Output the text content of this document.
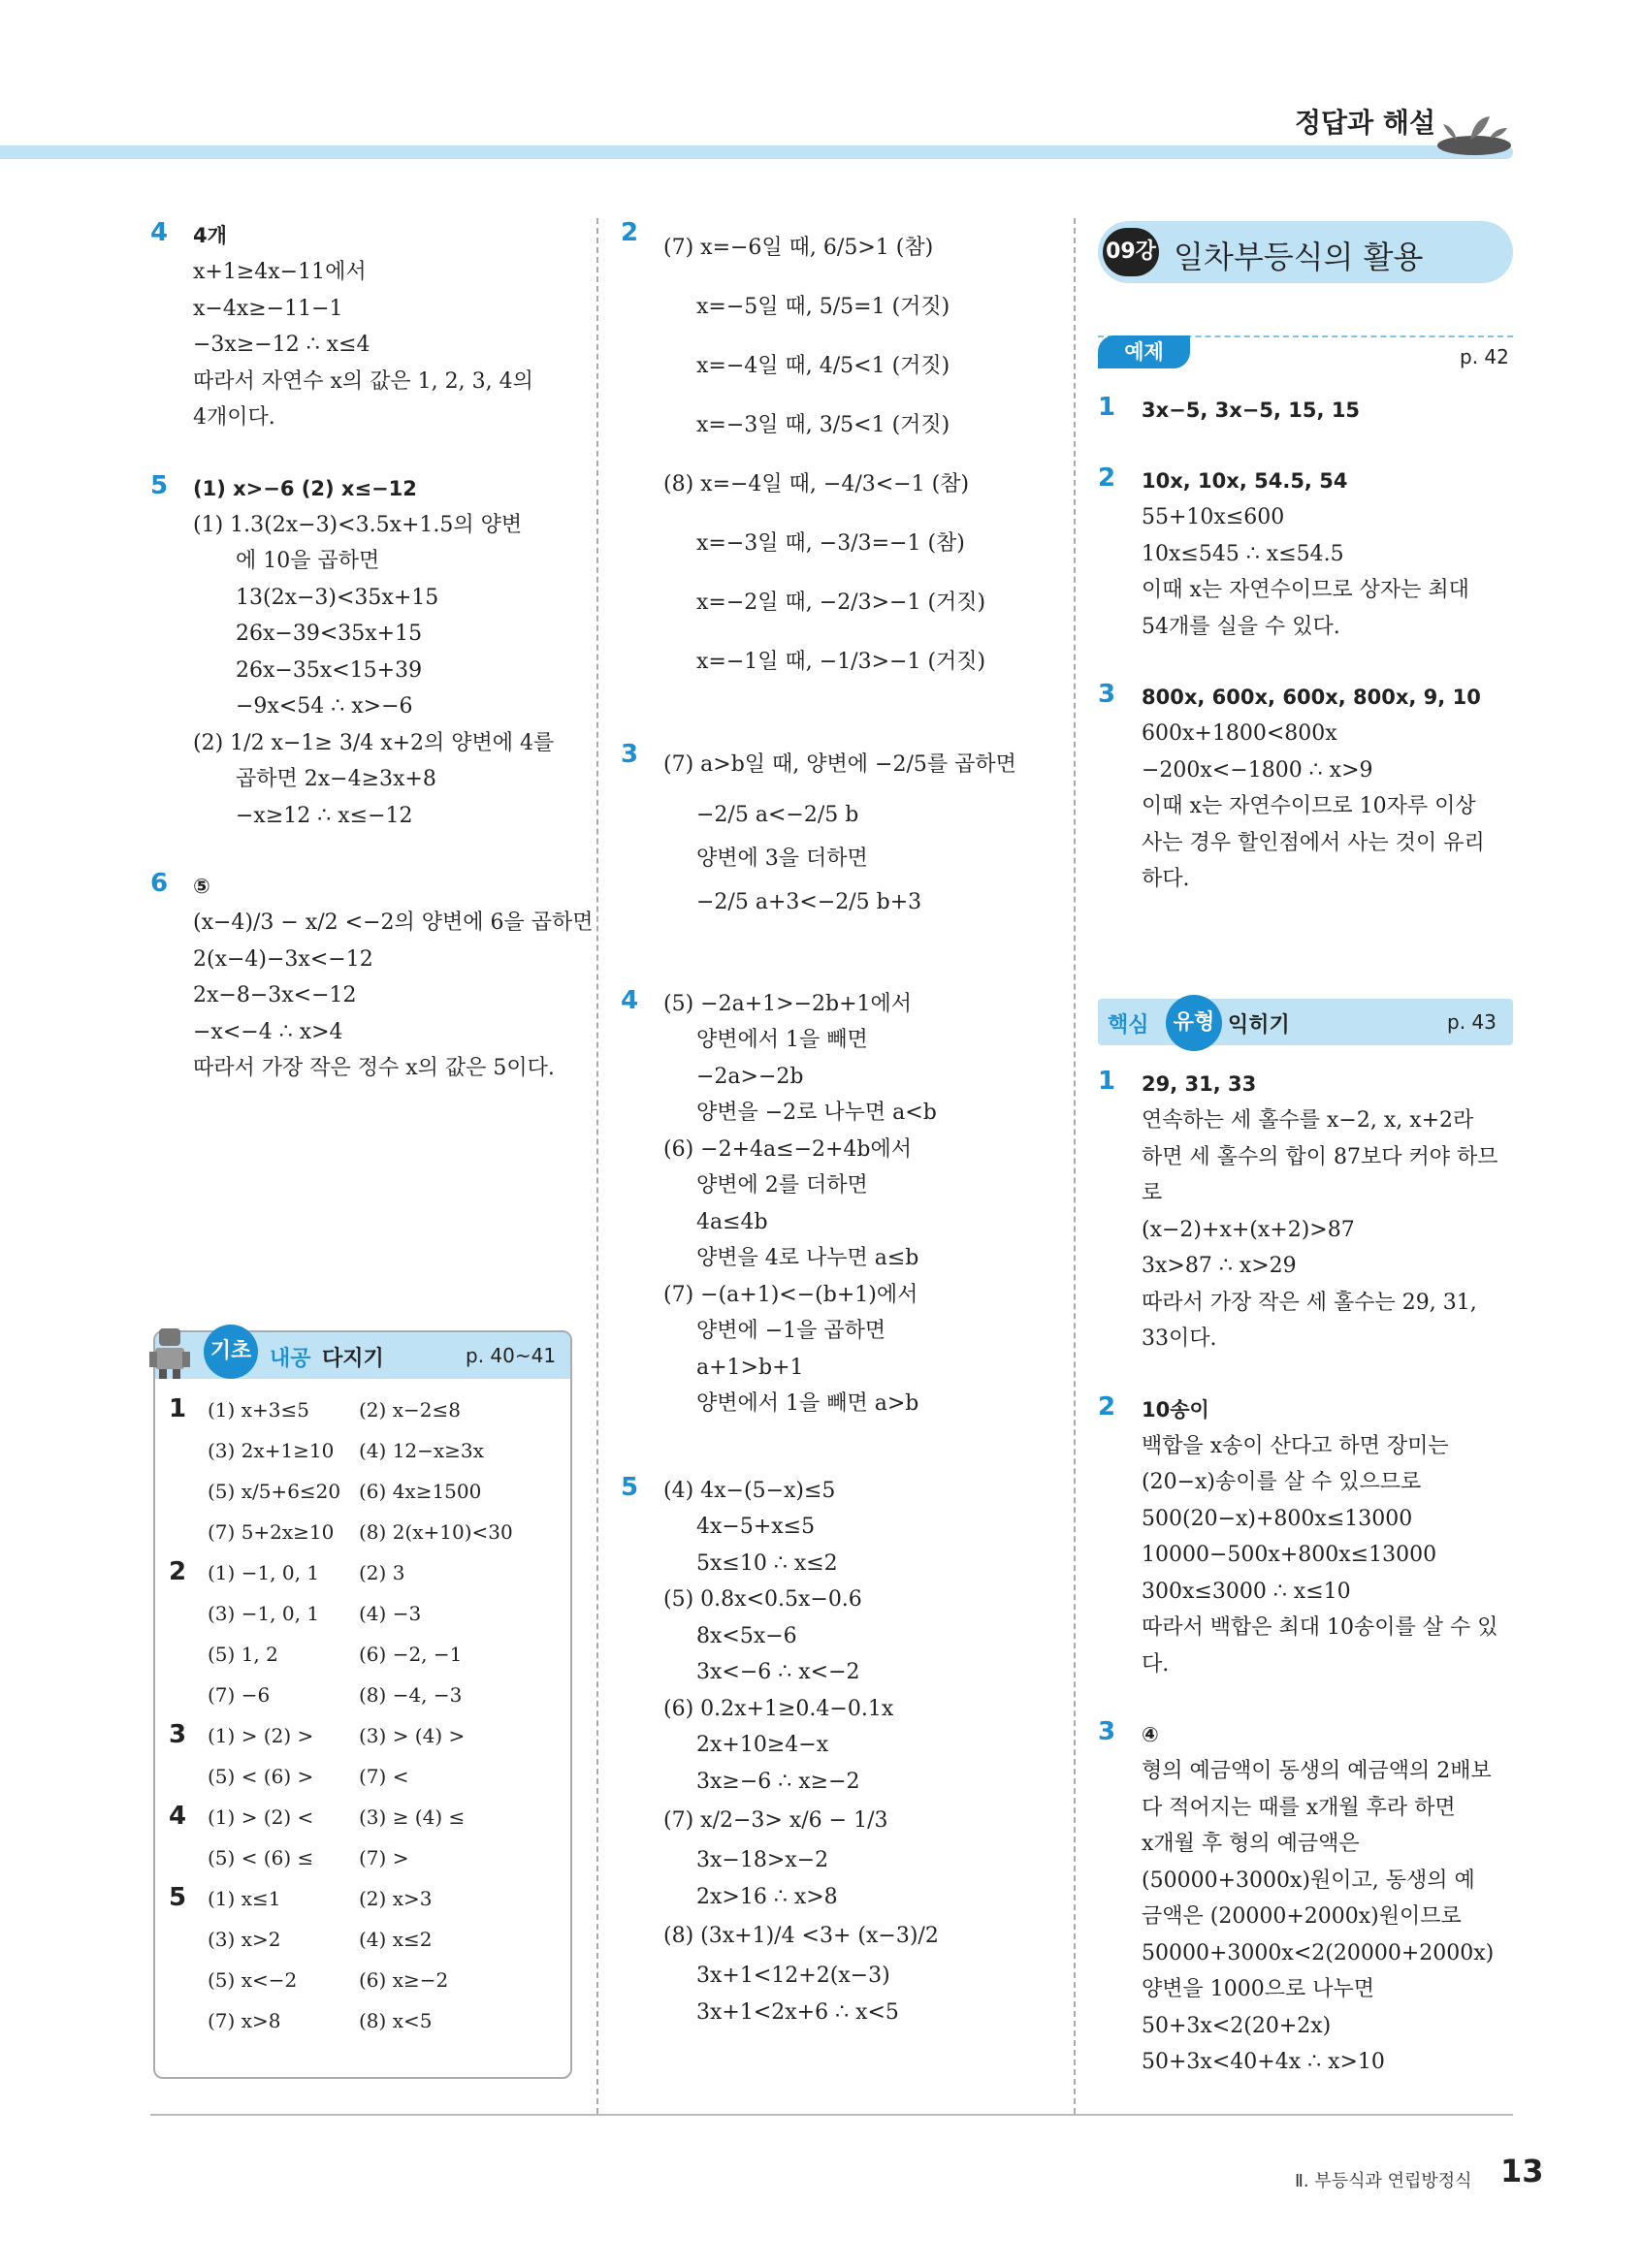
정답과 해설
4 4개
x+1≥4x−11에서
x−4x≥−11−1
−3x≥−12 ∴ x≤4
따라서 자연수 x의 값은 1, 2, 3, 4의
4개이다.
5 (1) x>−6 (2) x≤−12
(1) 1.3(2x−3)<3.5x+1.5의 양변
에 10을 곱하면
13(2x−3)<35x+15
26x−39<35x+15
26x−35x<15+39
−9x<54 ∴ x>−6
(2) 1/2 x−1≥ 3/4 x+2의 양변에 4를
곱하면 2x−4≥3x+8
−x≥12 ∴ x≤−12
6 ⑤
(x−4)/3 − x/2 <−2의 양변에 6을 곱하면
2(x−4)−3x<−12
2x−8−3x<−12
−x<−4 ∴ x>4
따라서 가장 작은 정수 x의 값은 5이다.
기초 내공 다지기	p. 40~41
1 (1) x+3≤5	(2) x−2≤8
(3) 2x+1≥10 (4) 12−x≥3x
(5) x/5+6≤20 (6) 4x≥1500
(7) 5+2x≥10 (8) 2(x+10)<30
2 (1) −1, 0, 1 (2) 3
(3) −1, 0, 1 (4) −3
(5) 1, 2	(6) −2, −1
(7) −6	(8) −4, −3
3 (1) > (2) > (3) > (4) >
(5) < (6) > (7) <
4 (1) > (2) < (3) ≥ (4) ≤
(5) < (6) ≤ (7) >
5 (1) x≤1	(2) x>3
(3) x>2	(4) x≤2
(5) x<−2	(6) x≥−2
(7) x>8	(8) x<5
2
(7) x=−6일 때, 6/5>1 (참)
x=−5일 때, 5/5=1 (거짓)
x=−4일 때, 4/5<1 (거짓)
x=−3일 때, 3/5<1 (거짓)
(8) x=−4일 때, −4/3<−1 (참)
x=−3일 때, −3/3=−1 (참)
x=−2일 때, −2/3>−1 (거짓)
x=−1일 때, −1/3>−1 (거짓)
3 (7) a>b일 때, 양변에 −2/5를 곱하면
−2/5 a<−2/5 b
양변에 3을 더하면
−2/5 a+3<−2/5 b+3
4 (5) −2a+1>−2b+1에서
양변에서 1을 빼면
−2a>−2b
양변을 −2로 나누면 a<b
(6) −2+4a≤−2+4b에서
양변에 2를 더하면
4a≤4b
양변을 4로 나누면 a≤b
(7) −(a+1)<−(b+1)에서
양변에 −1을 곱하면
a+1>b+1
양변에서 1을 빼면 a>b
5 (4) 4x−(5−x)≤5
4x−5+x≤5
5x≤10 ∴ x≤2
(5) 0.8x<0.5x−0.6
8x<5x−6
3x<−6 ∴ x<−2
(6) 0.2x+1≥0.4−0.1x
2x+10≥4−x
3x≥−6 ∴ x≥−2
(7) x/2−3> x/6 − 1/3
3x−18>x−2
2x>16 ∴ x>8
(8) (3x+1)/4 <3+ (x−3)/2
3x+1<12+2(x−3)
3x+1<2x+6 ∴ x<5
09강 일차부등식의 활용
예제	p. 42
1 3x−5, 3x−5, 15, 15
2 10x, 10x, 54.5, 54
55+10x≤600
10x≤545 ∴ x≤54.5
이때 x는 자연수이므로 상자는 최대
54개를 실을 수 있다.
3 800x, 600x, 600x, 800x, 9, 10
600x+1800<800x
−200x<−1800 ∴ x>9
이때 x는 자연수이므로 10자루 이상
사는 경우 할인점에서 사는 것이 유리
하다.
핵심	유형 익히기	p. 43
1 29, 31, 33
연속하는 세 홀수를 x−2, x, x+2라
하면 세 홀수의 합이 87보다 커야 하므
로
(x−2)+x+(x+2)>87
3x>87 ∴ x>29
따라서 가장 작은 세 홀수는 29, 31,
33이다.
2 10송이
백합을 x송이 산다고 하면 장미는
(20−x)송이를 살 수 있으므로
500(20−x)+800x≤13000
10000−500x+800x≤13000
300x≤3000 ∴ x≤10
따라서 백합은 최대 10송이를 살 수 있
다.
3 ④
형의 예금액이 동생의 예금액의 2배보
다 적어지는 때를 x개월 후라 하면
x개월 후 형의 예금액은
(50000+3000x)원이고, 동생의 예
금액은 (20000+2000x)원이므로
50000+3000x<2(20000+2000x)
양변을 1000으로 나누면
50+3x<2(20+2x)
50+3x<40+4x ∴ x>10
Ⅱ. 부등식과 연립방정식 13
